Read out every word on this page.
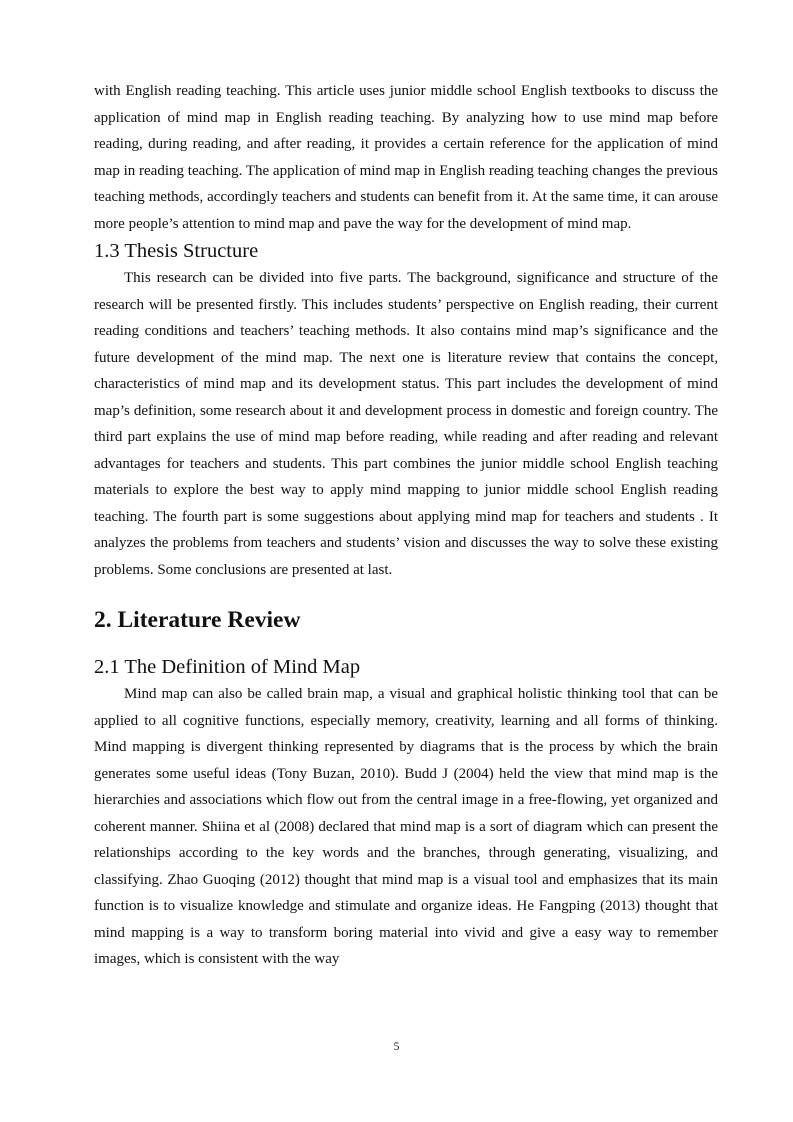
with English reading teaching. This article uses junior middle school English textbooks to discuss the application of mind map in English reading teaching. By analyzing how to use mind map before reading, during reading, and after reading, it provides a certain reference for the application of mind map in reading teaching. The application of mind map in English reading teaching changes the previous teaching methods, accordingly teachers and students can benefit from it. At the same time, it can arouse more people’s attention to mind map and pave the way for the development of mind map.

1.3 Thesis Structure

This research can be divided into five parts. The background, significance and structure of the research will be presented firstly. This includes students’ perspective on English reading, their current reading conditions and teachers’ teaching methods. It also contains mind map’s significance and the future development of the mind map. The next one is literature review that contains the concept, characteristics of mind map and its development status. This part includes the development of mind map’s definition, some research about it and development process in domestic and foreign country. The third part explains the use of mind map before reading, while reading and after reading and relevant advantages for teachers and students. This part combines the junior middle school English teaching materials to explore the best way to apply mind mapping to junior middle school English reading teaching. The fourth part is some suggestions about applying mind map for teachers and students . It analyzes the problems from teachers and students’ vision and discusses the way to solve these existing problems. Some conclusions are presented at last.

2. Literature Review
2.1 The Definition of Mind Map

Mind map can also be called brain map, a visual and graphical holistic thinking tool that can be applied to all cognitive functions, especially memory, creativity, learning and all forms of thinking. Mind mapping is divergent thinking represented by diagrams that is the process by which the brain generates some useful ideas (Tony Buzan, 2010). Budd J (2004) held the view that mind map is the hierarchies and associations which flow out from the central image in a free-flowing, yet organized and coherent manner. Shiina et al (2008) declared that mind map is a sort of diagram which can present the relationships according to the key words and the branches, through generating, visualizing, and classifying. Zhao Guoqing (2012) thought that mind map is a visual tool and emphasizes that its main function is to visualize knowledge and stimulate and organize ideas. He Fangping (2013) thought that mind mapping is a way to transform boring material into vivid and give a easy way to remember images, which is consistent with the way

5
